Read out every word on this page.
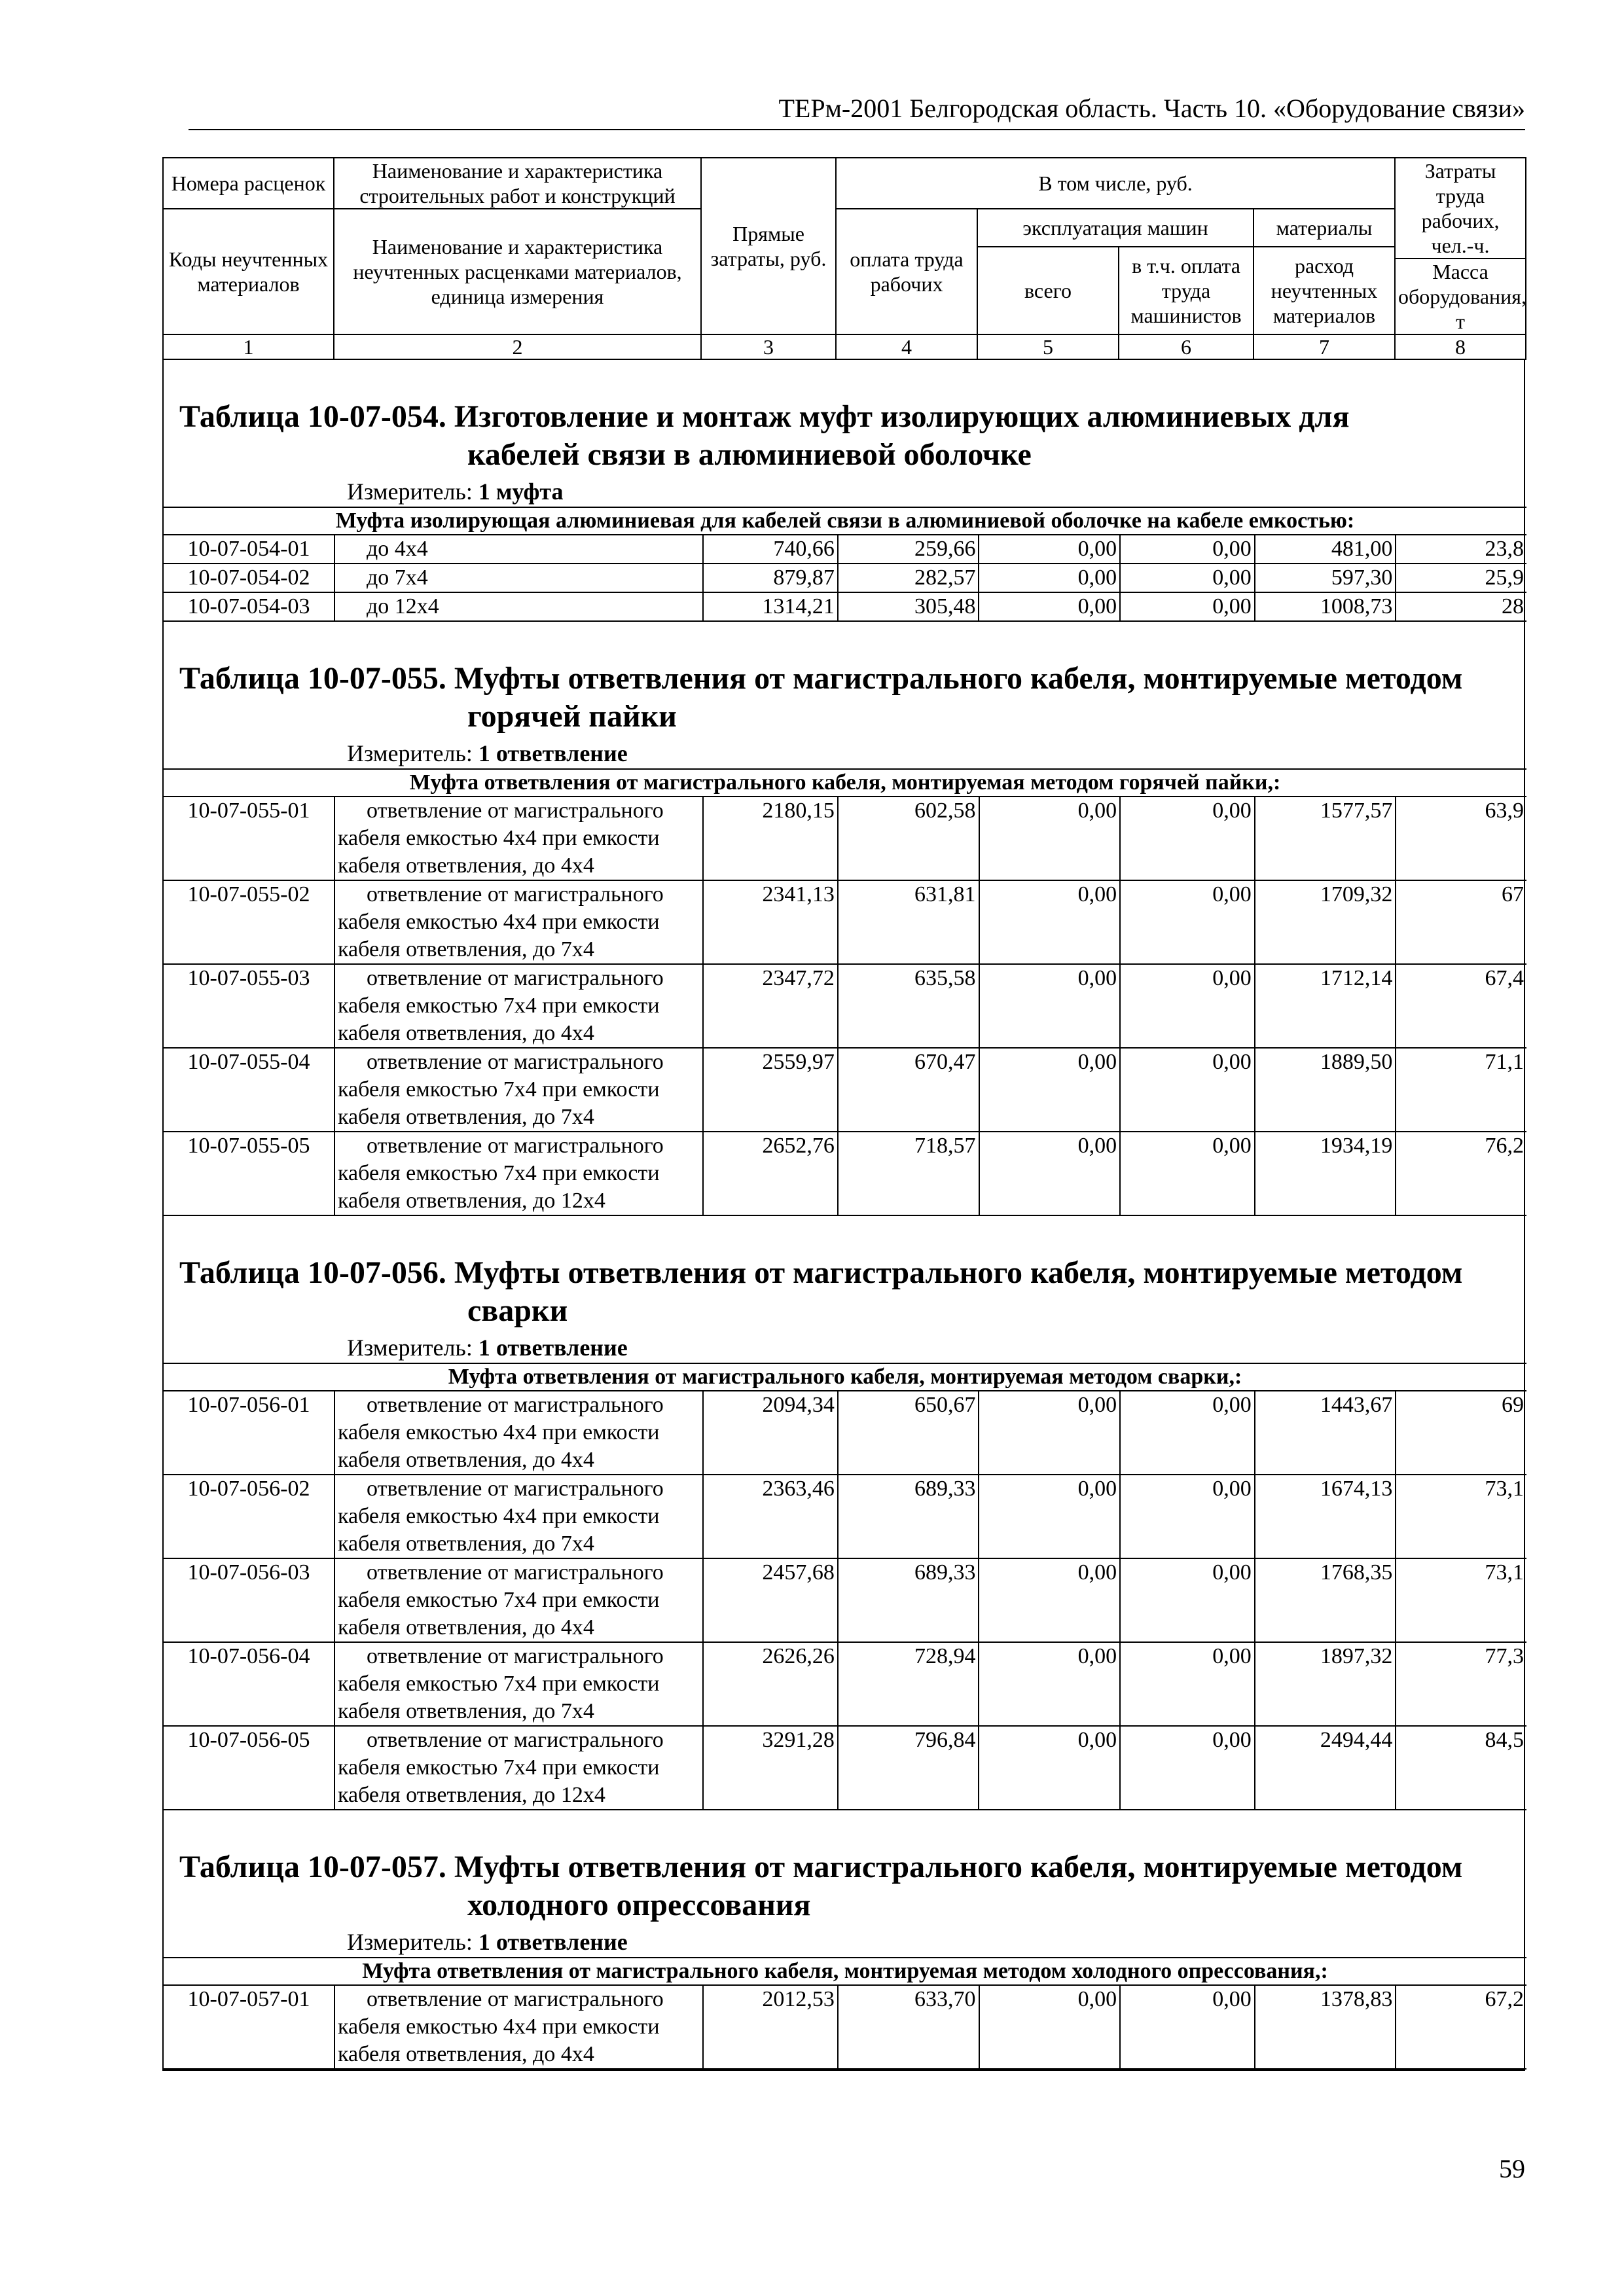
ТЕРм-2001 Белгородская область. Часть 10. «Оборудование связи»
Номера расценок	Наименование и характеристика строительных работ и конструкций	Прямые затраты, руб.	В том числе, руб.				Затраты труда рабочих, чел.-ч.
Коды неучтенных материалов	Наименование и характеристика неучтенных расценками материалов, единица измерения		оплата труда рабочих	эксплуатация машин		материалы	
				всего	в т.ч. оплата труда машинистов	расход неучтенных материалов	
							Масса оборудования, т
1	2	3	4	5	6	7	8
Таблица 10-07-054. Изготовление и монтаж муфт изолирующих алюминиевых для
кабелей связи в алюминиевой оболочке
Измеритель: 1 муфта
Муфта изолирующая алюминиевая для кабелей связи в алюминиевой оболочке на кабеле емкостью:							
10-07-054-01	до 4х4	740,66	259,66	0,00	0,00	481,00	23,8
10-07-054-02	до 7х4	879,87	282,57	0,00	0,00	597,30	25,9
10-07-054-03	до 12х4	1314,21	305,48	0,00	0,00	1008,73	28
Таблица 10-07-055. Муфты ответвления от магистрального кабеля, монтируемые методом
горячей пайки
Измеритель: 1 ответвление
Муфта ответвления от магистрального кабеля, монтируемая методом горячей пайки,:							
10-07-055-01	ответвление от магистрального
кабеля емкостью 4х4 при емкости
кабеля ответвления, до 4х4	2180,15	602,58	0,00	0,00	1577,57	63,9
10-07-055-02	ответвление от магистрального
кабеля емкостью 4х4 при емкости
кабеля ответвления, до 7х4	2341,13	631,81	0,00	0,00	1709,32	67
10-07-055-03	ответвление от магистрального
кабеля емкостью 7х4 при емкости
кабеля ответвления, до 4х4	2347,72	635,58	0,00	0,00	1712,14	67,4
10-07-055-04	ответвление от магистрального
кабеля емкостью 7х4 при емкости
кабеля ответвления, до 7х4	2559,97	670,47	0,00	0,00	1889,50	71,1
10-07-055-05	ответвление от магистрального
кабеля емкостью 7х4 при емкости
кабеля ответвления, до 12х4	2652,76	718,57	0,00	0,00	1934,19	76,2
Таблица 10-07-056. Муфты ответвления от магистрального кабеля, монтируемые методом
сварки
Измеритель: 1 ответвление
Муфта ответвления от магистрального кабеля, монтируемая методом сварки,:							
10-07-056-01	ответвление от магистрального
кабеля емкостью 4х4 при емкости
кабеля ответвления, до 4х4	2094,34	650,67	0,00	0,00	1443,67	69
10-07-056-02	ответвление от магистрального
кабеля емкостью 4х4 при емкости
кабеля ответвления, до 7х4	2363,46	689,33	0,00	0,00	1674,13	73,1
10-07-056-03	ответвление от магистрального
кабеля емкостью 7х4 при емкости
кабеля ответвления, до 4х4	2457,68	689,33	0,00	0,00	1768,35	73,1
10-07-056-04	ответвление от магистрального
кабеля емкостью 7х4 при емкости
кабеля ответвления, до 7х4	2626,26	728,94	0,00	0,00	1897,32	77,3
10-07-056-05	ответвление от магистрального
кабеля емкостью 7х4 при емкости
кабеля ответвления, до 12х4	3291,28	796,84	0,00	0,00	2494,44	84,5
Таблица 10-07-057. Муфты ответвления от магистрального кабеля, монтируемые методом
холодного опрессования
Измеритель: 1 ответвление
Муфта ответвления от магистрального кабеля, монтируемая методом холодного опрессования,:
10-07-057-01	ответвление от магистрального
кабеля емкостью 4х4 при емкости
кабеля ответвления, до 4х4
	2012,53	633,70	0,00	0,00	1378,83	67,2
59
